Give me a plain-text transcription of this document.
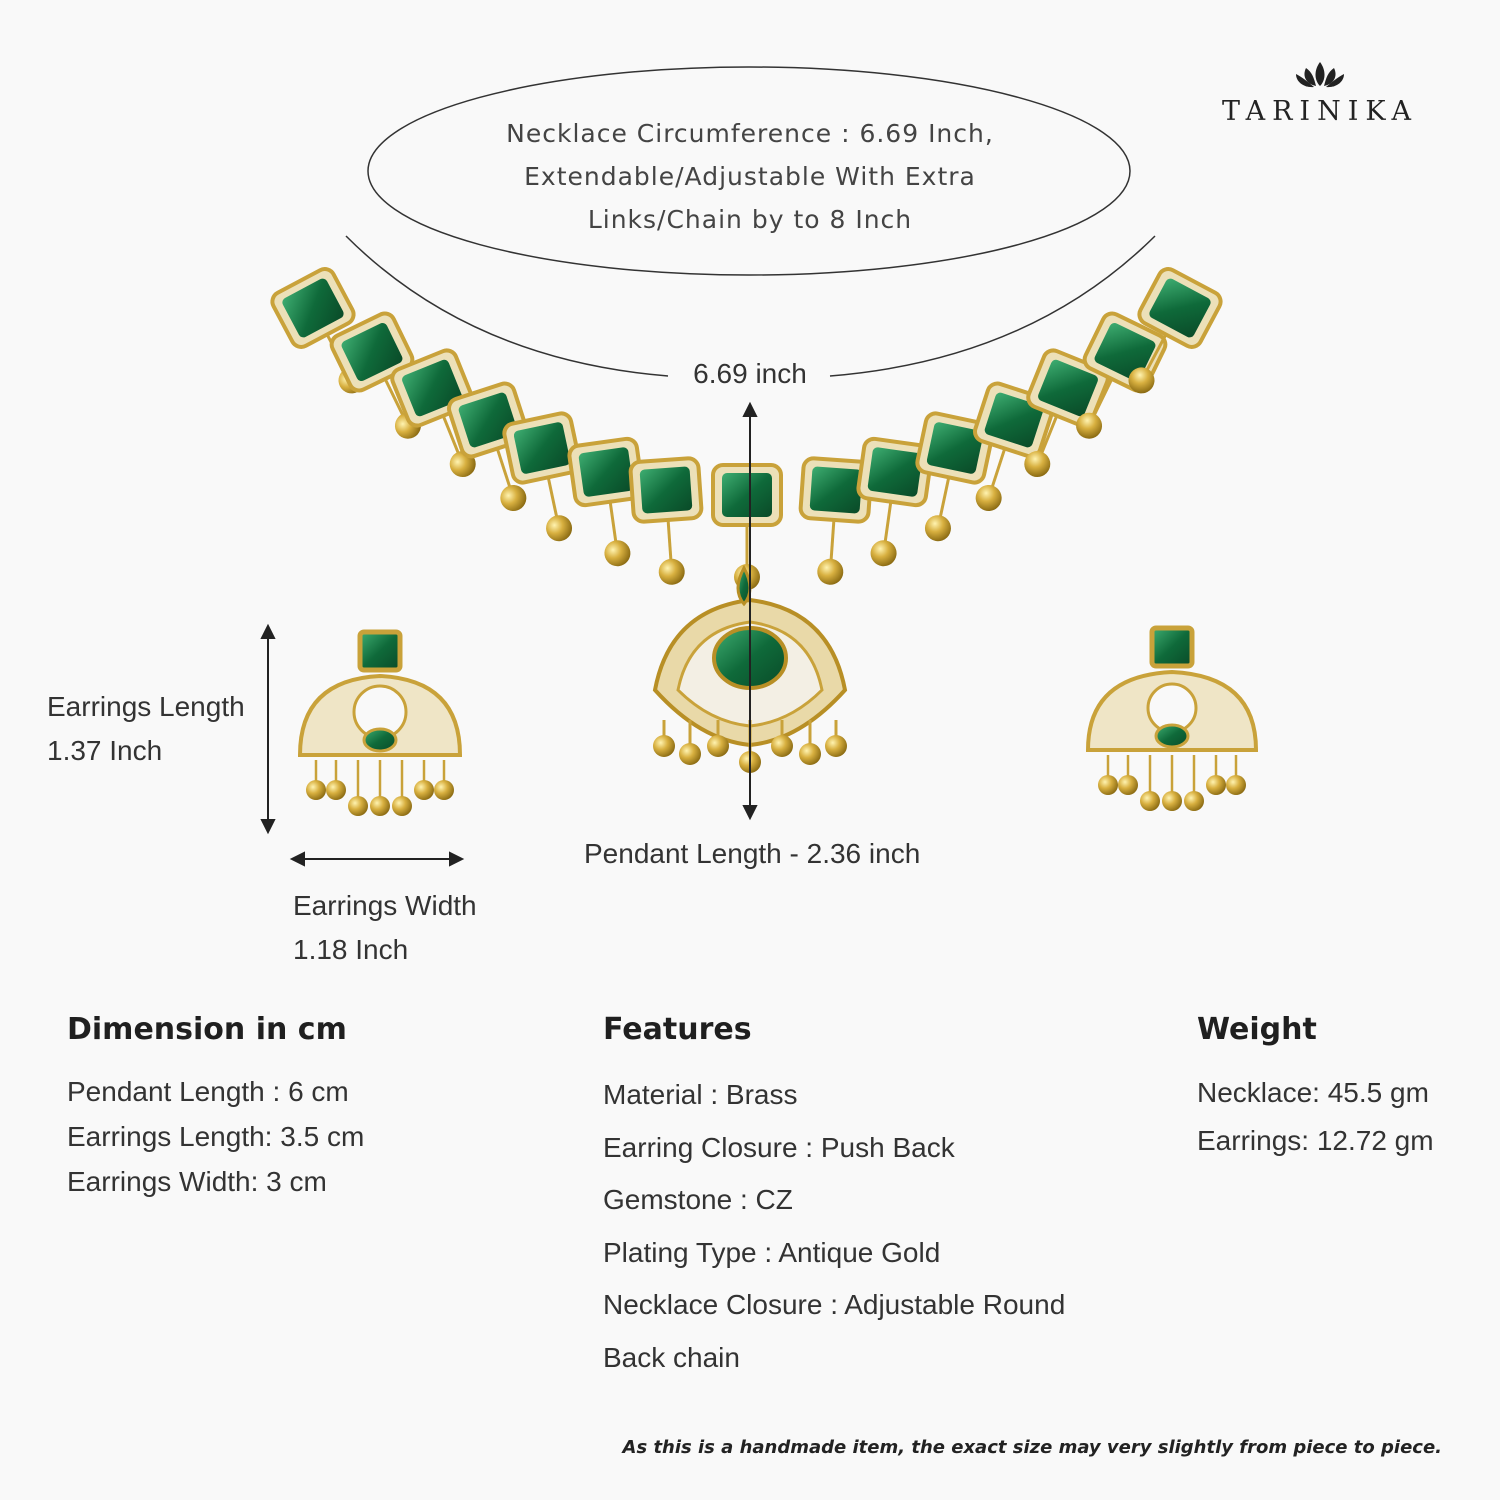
TARINIKA
Necklace Circumference : 6.69 Inch,
Extendable/Adjustable With Extra
Links/Chain by to 8 Inch
6.69 inch
Pendant Length - 2.36 inch
Earrings Length
1.37 Inch
Earrings Width
1.18 Inch
Dimension in cm
Pendant Length : 6 cm
Earrings Length: 3.5 cm
Earrings Width: 3 cm
Features
Material : Brass
Earring Closure : Push Back
Gemstone : CZ
Plating Type : Antique Gold
Necklace Closure : Adjustable Round
Back chain
Weight
Necklace: 45.5 gm
Earrings: 12.72 gm
As this is a handmade item, the exact size may very slightly from piece to piece.
